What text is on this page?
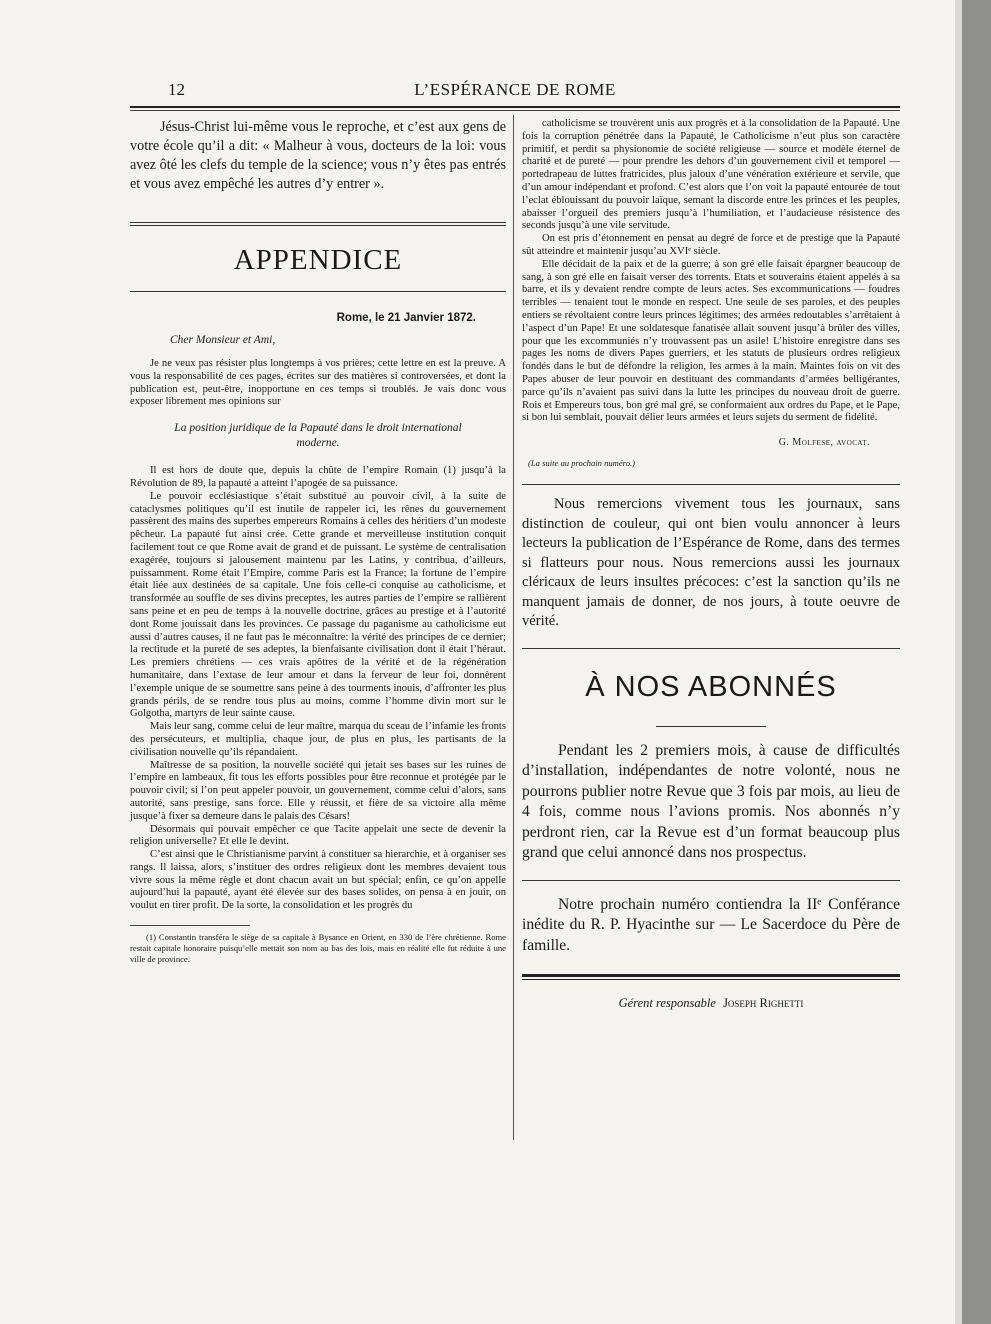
12	L’ESPÉRANCE DE ROME

Jésus-Christ lui-même vous le reproche, et c’est aux gens de votre école qu’il a dit: « Malheur à vous, docteurs de la loi: vous avez ôté les clefs du temple de la science; vous n’y êtes pas entrés et vous avez empêché les autres d’y entrer ».

APPENDICE
Rome, le 21 Janvier 1872.
Cher Monsieur et Ami,

Je ne veux pas résister plus longtemps à vos prières; cette lettre en est la preuve. A vous la responsabilité de ces pages, écrites sur des matières si controversées, et dont la publication est, peut-être, inopportune en ces temps si troublés. Je vais donc vous exposer librement mes opinions sur

La position juridique de la Papauté dans le droit international moderne.

Il est hors de doute que, depuis la chûte de l’empire Romain (1) jusqu’à la Révolution de 89, la papauté a atteint l’apogée de sa puissance.

Le pouvoir ecclésiastique s’était substitué au pouvoir civil, à la suite de cataclysmes politiques qu’il est inutile de rappeler ici, les rênes du gouvernement passèrent des mains des superbes empereurs Romains à celles des héritiers d’un modeste pêcheur. La papauté fut ainsi crée. Cette grande et merveilleuse institution conquit facilement tout ce que Rome avait de grand et de puissant. Le système de centralisation exagérée, toujours si jalousement maintenu par les Latins, y contribua, d’ailleurs, puissamment. Rome était l’Empire, comme Paris est la France; la fortune de l’empire était liée aux destinées de sa capitale. Une fois celle-ci conquise au catholicisme, et transformée au souffle de ses divins preceptes, les autres parties de l’empire se rallièrent sans peine et en peu de temps à la nouvelle doctrine, grâces au prestige et à l’autorité dont Rome jouissait dans les provinces. Ce passage du paganisme au catholicisme eut aussi d’autres causes, il ne faut pas le méconnaître: la vérité des principes de ce dernier; la rectitude et la pureté de ses adeptes, la bienfaisante civilisation dont il était l’héraut. Les premiers chrétiens — ces vrais apôtres de la vérité et de la régénération humanitaire, dans l’extase de leur amour et dans la ferveur de leur foi, donnèrent l’exemple unique de se soumettre sans peine à des tourments inouis, d’affronter les plus grands périls, de se rendre tous plus au moins, comme l’homme divin mort sur le Golgotha, martyrs de leur sainte cause.

Mais leur sang, comme celui de leur maître, marqua du sceau de l’infamie les fronts des persécuteurs, et multiplia, chaque jour, de plus en plus, les partisants de la civilisation nouvelle qu’ils répandaient.

Maîtresse de sa position, la nouvelle société qui jetait ses bases sur les ruines de l’empire en lambeaux, fit tous les efforts possibles pour être reconnue et protégée par le pouvoir civil; si l’on peut appeler pouvoir, un gouvernement, comme celui d’alors, sans autorité, sans prestige, sans force. Elle y réussit, et fière de sa victoire alla même jusque’à fixer sa demeure dans le palais des Césars!

Désormais qui pouvait empêcher ce que Tacite appelait une secte de devenir la religion universelle? Et elle le devint.

C’est ainsi que le Christianisme parvint à constituer sa hierarchie, et à organiser ses rangs. Il laissa, alors, s’instituer des ordres religieux dont les membres devaient tous vivre sous la même règle et dont chacun avait un but spécial; enfin, ce qu’on appelle aujourd’hui la papauté, ayant été élevée sur des bases solides, on pensa à en jouir, on voulut en tirer profit. De la sorte, la consolidation et les progrès du

(1) Constantin transféra le siège de sa capitale à Bysance en Orient, en 330 de l’ère chrétienne. Rome restait capitale honoraire puisqu’elle mettait son nom au bas des lois, mais en réalité elle fut réduite à une ville de province.

catholicisme se trouvèrent unis aux progrès et à la consolidation de la Papauté. Une fois la corruption pénétrée dans la Papauté, le Catholicisme n’eut plus son caractère primitif, et perdit sa physionomie de société religieuse — source et modèle éternel de charité et de pureté — pour prendre les dehors d’un gouvernement civil et temporel — portedrapeau de luttes fratricides, plus jaloux d’une vénération extérieure et servile, que d’un amour indépendant et profond. C’est alors que l’on voit la papauté entourée de tout l’eclat éblouissant du pouvoir laïque, semant la discorde entre les princes et les peuples, abaisser l’orgueil des premiers jusqu’à l’humiliation, et l’audacieuse résistence des seconds jusqu’à une vile servitude.

On est pris d’étonnement en pensat au degré de force et de prestige que la Papauté sût atteindre et maintenir jusqu’au XVIᵉ siècle.

Elle décidait de la paix et de la guerre; à son gré elle faisait épargner beaucoup de sang, à son gré elle en faisait verser des torrents. Etats et souverains étaient appelés à sa barre, et ils y devaient rendre compte de leurs actes. Ses excommunications — foudres terribles — tenaient tout le monde en respect. Une seule de ses paroles, et des peuples entiers se révoltaient contre leurs princes légitimes; des armées redoutables s’arrêtaient à l’aspect d’un Pape! Et une soldatesque fanatisée allait souvent jusqu’à brûler des villes, pour que les excommuniés n’y trouvassent pas un asile! L’histoire enregistre dans ses pages les noms de divers Papes guerriers, et les statuts de plusieurs ordres religieux fondés dans le but de défondre la religion, les armes à la main. Maintes fois on vit des Papes abuser de leur pouvoir en destituant des commandants d’armées belligérantes, parce qu’ils n’avaient pas suivi dans la lutte les principes du nouveau droit de guerre. Rois et Empereurs tous, bon gré mal gré, se conformaient aux ordres du Pape, et le Pape, si bon lui semblait, pouvait délier leurs armées et leurs sujets du serment de fidélité.

G. Molfese, avocat.
(La suite au prochain numéro.)

Nous remercions vivement tous les journaux, sans distinction de couleur, qui ont bien voulu annoncer à leurs lecteurs la publication de l’Espérance de Rome, dans des termes si flatteurs pour nous. Nous remercions aussi les journaux cléricaux de leurs insultes précoces: c’est la sanction qu’ils ne manquent jamais de donner, de nos jours, à toute oeuvre de vérité.

À NOS ABONNÉS

Pendant les 2 premiers mois, à cause de difficultés d’installation, indépendantes de notre volonté, nous ne pourrons publier notre Revue que 3 fois par mois, au lieu de 4 fois, comme nous l’avions promis. Nos abonnés n’y perdront rien, car la Revue est d’un format beaucoup plus grand que celui annoncé dans nos prospectus.

Notre prochain numéro contiendra la IIᵉ Conférance inédite du R. P. Hyacinthe sur — Le Sacerdoce du Père de famille.

Gérent responsable Joseph Righetti
